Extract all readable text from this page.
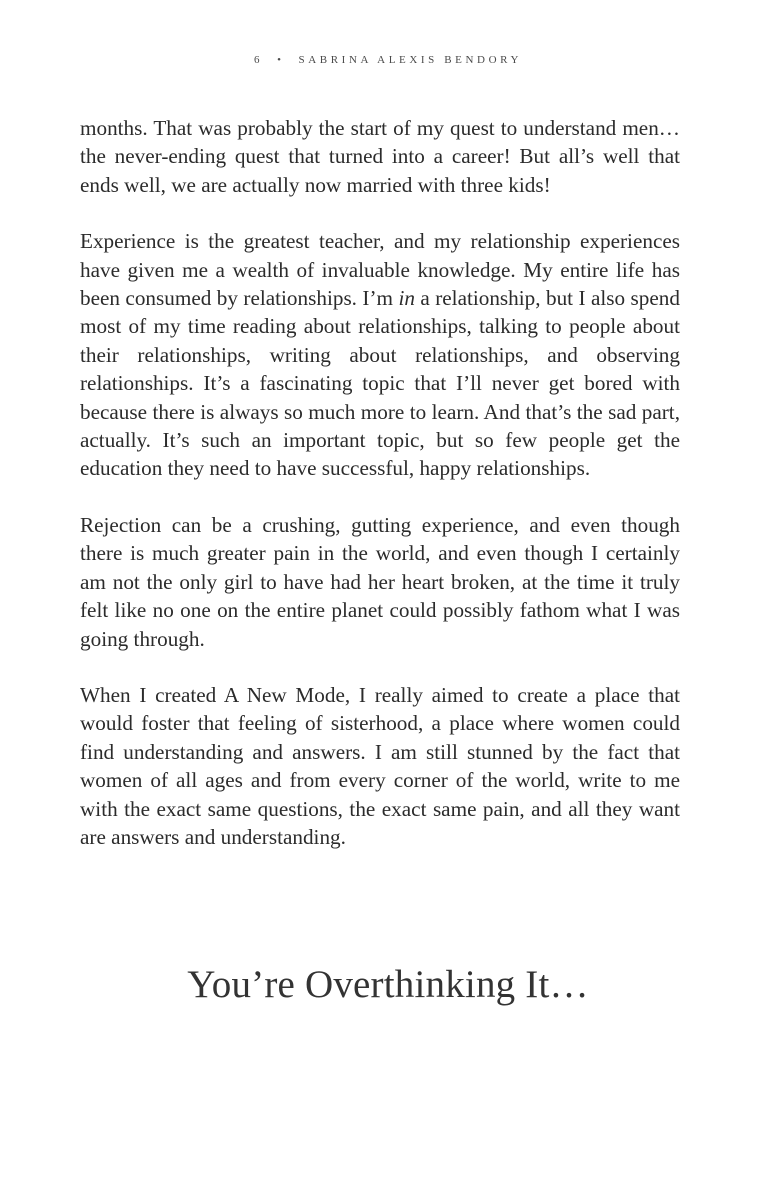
6 • SABRINA ALEXIS BENDORY

months. That was probably the start of my quest to understand men…the never-ending quest that turned into a career! But all’s well that ends well, we are actually now married with three kids!

Experience is the greatest teacher, and my relationship experiences have given me a wealth of invaluable knowledge. My entire life has been consumed by relationships. I’m in a relationship, but I also spend most of my time reading about relationships, talking to people about their relationships, writing about relationships, and observing relationships. It’s a fascinating topic that I’ll never get bored with because there is always so much more to learn. And that’s the sad part, actually. It’s such an important topic, but so few people get the education they need to have successful, happy relationships.

Rejection can be a crushing, gutting experience, and even though there is much greater pain in the world, and even though I certainly am not the only girl to have had her heart broken, at the time it truly felt like no one on the entire planet could possibly fathom what I was going through.

When I created A New Mode, I really aimed to create a place that would foster that feeling of sisterhood, a place where women could find understanding and answers. I am still stunned by the fact that women of all ages and from every corner of the world, write to me with the exact same questions, the exact same pain, and all they want are answers and understanding.

You’re Overthinking It…
